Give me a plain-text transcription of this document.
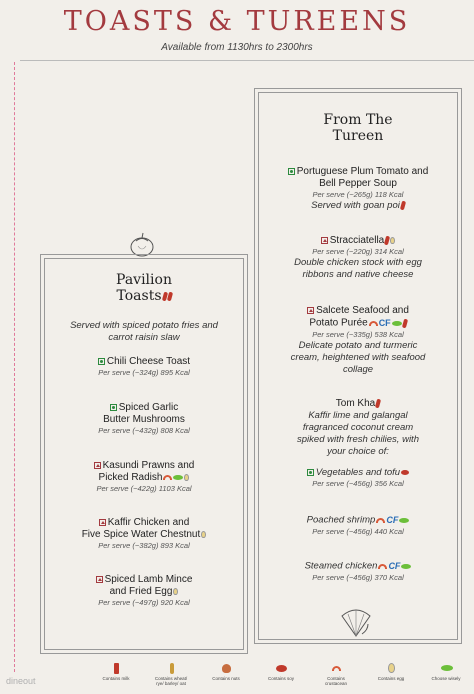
TOASTS & TUREENS
Available from 1130hrs to 2300hrs
Pavilion
Toasts
Served with spiced potato fries and carrot raisin slaw
Chili Cheese Toast
Per serve (~324g) 895 Kcal
Spiced Garlic
Butter Mushrooms
Per serve (~432g) 808 Kcal
Kasundi Prawns and
Picked Radish
Per serve (~422g) 1103 Kcal
Kaffir Chicken and
Five Spice Water Chestnut
Per serve (~382g) 893 Kcal
Spiced Lamb Mince
and Fried Egg
Per serve (~497g) 920 Kcal
From The
Tureen
Portuguese Plum Tomato and
Bell Pepper Soup
Per serve (~265g) 118 Kcal
Served with goan poi
Stracciatella
Per serve (~220g) 314 Kcal
Double chicken stock with egg
ribbons and native cheese
Salcete Seafood and
Potato Purée CF
Per serve (~335g) 538 Kcal
Delicate potato and turmeric
cream, heightened with seafood
collage
Tom Kha
Kaffir lime and galangal
fragranced coconut cream
spiked with fresh chilies, with
your choice of:
Vegetables and tofu
Per serve (~456g) 356 Kcal
Poached shrimp CF
Per serve (~456g) 440 Kcal
Steamed chicken CF
Per serve (~456g) 370 Kcal
Contains milk	Contains wheat/ rye/ barley/ oat
Contains nuts	Contains soy	Contains crustacean
Contains egg	Choose wisely
dineout
